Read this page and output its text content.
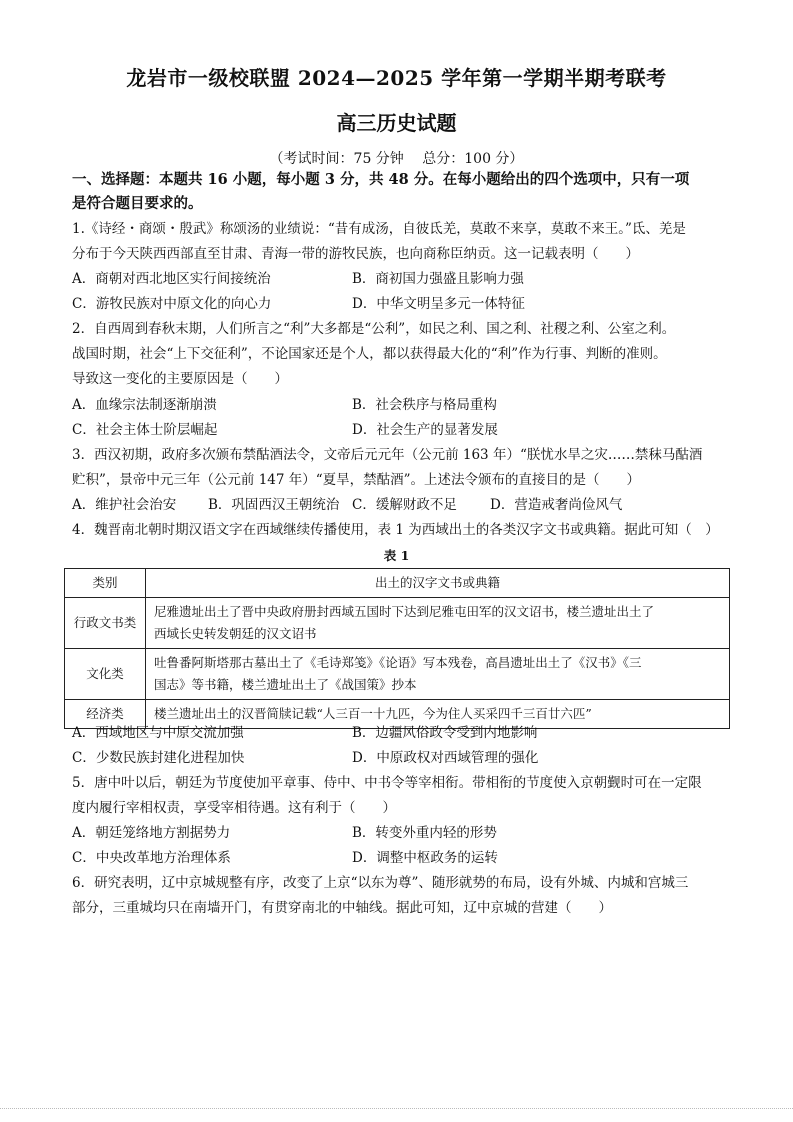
龙岩市一级校联盟 2024—2025 学年第一学期半期考联考
高三历史试题
（考试时间：75 分钟　 总分：100 分）
一、选择题：本题共 16 小题，每小题 3 分，共 48 分。在每小题给出的四个选项中，只有一项
是符合题目要求的。
1.《诗经・商颂・殷武》称颂汤的业绩说：“昔有成汤，自彼氐羌，莫敢不来享，莫敢不来王。”氐、羌是
分布于今天陕西西部直至甘肃、青海一带的游牧民族，也向商称臣纳贡。这一记载表明（　　）
A．商朝对西北地区实行间接统治	B．商初国力强盛且影响力强
C．游牧民族对中原文化的向心力	D．中华文明呈多元一体特征
2．自西周到春秋末期，人们所言之“利”大多都是“公利”，如民之利、国之利、社稷之利、公室之利。
战国时期，社会“上下交征利”，不论国家还是个人，都以获得最大化的“利”作为行事、判断的准则。
导致这一变化的主要原因是（　　）
A．血缘宗法制逐渐崩溃	B．社会秩序与格局重构
C．社会主体士阶层崛起	D．社会生产的显著发展
3．西汉初期，政府多次颁布禁酤酒法令，文帝后元元年（公元前 163 年）“朕忧水旱之灾……禁秣马酤酒
贮积”，景帝中元三年（公元前 147 年）“夏旱，禁酤酒”。上述法令颁布的直接目的是（　　）
A．维护社会治安 B．巩固西汉王朝统治 C．缓解财政不足 D．营造戒奢尚俭风气
4．魏晋南北朝时期汉语文字在西域继续传播使用，表 1 为西域出土的各类汉字文书或典籍。据此可知（　）
表 1
类别	出土的汉字文书或典籍
行政文书类	尼雅遗址出土了晋中央政府册封西域五国时下达到尼雅屯田军的汉文诏书，楼兰遗址出土了
西域长史转发朝廷的汉文诏书

文化类	吐鲁番阿斯塔那古墓出土了《毛诗郑笺》《论语》写本残卷，高昌遗址出土了《汉书》《三
国志》等书籍，楼兰遗址出土了《战国策》抄本

经济类	楼兰遗址出土的汉晋简牍记载“人三百一十九匹，今为住人买采四千三百廿六匹”
A．西域地区与中原交流加强	B．边疆风俗政令受到内地影响
C．少数民族封建化进程加快	D．中原政权对西域管理的强化
5．唐中叶以后，朝廷为节度使加平章事、侍中、中书令等宰相衔。带相衔的节度使入京朝觐时可在一定限
度内履行宰相权责，享受宰相待遇。这有利于（　　）
A．朝廷笼络地方割据势力	B．转变外重内轻的形势
C．中央改革地方治理体系	D．调整中枢政务的运转
6．研究表明，辽中京城规整有序，改变了上京“以东为尊”、随形就势的布局，设有外城、内城和宫城三
部分，三重城均只在南墙开门，有贯穿南北的中轴线。据此可知，辽中京城的营建（　　）
